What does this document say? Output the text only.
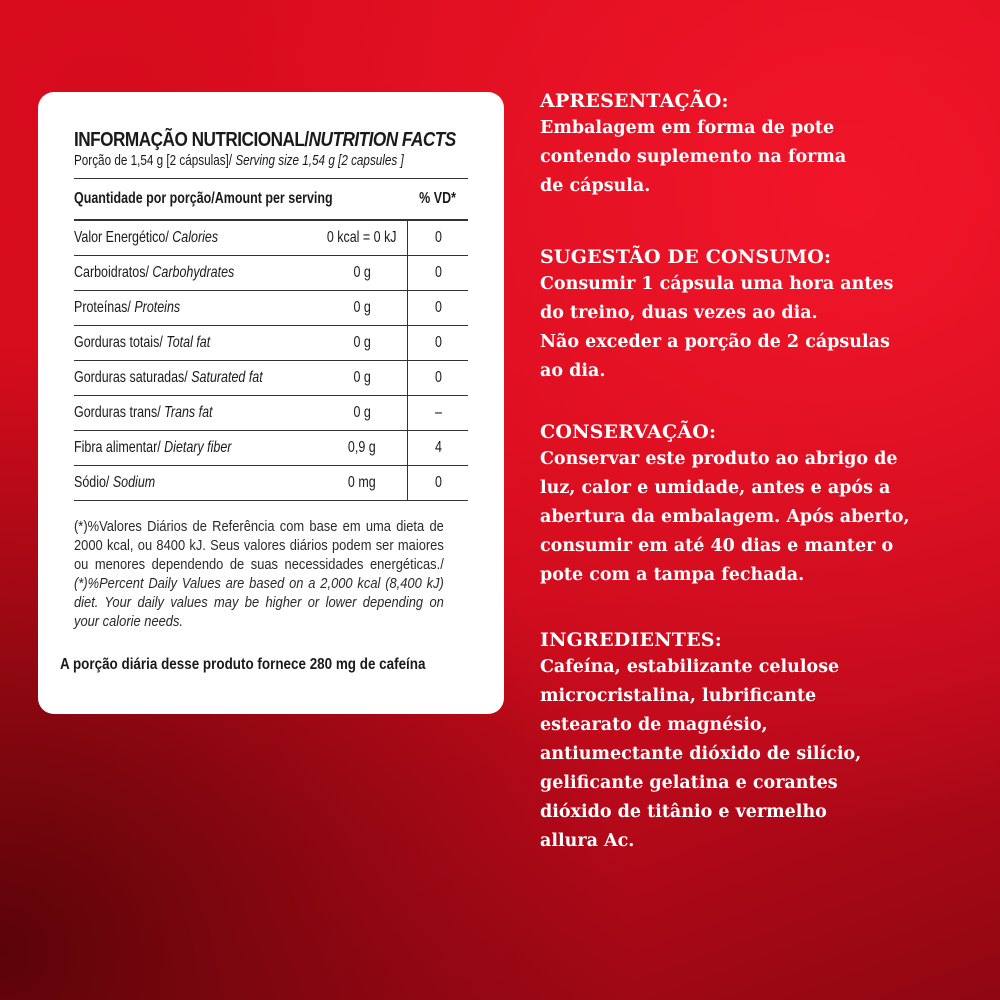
INFORMAÇÃO NUTRICIONAL/NUTRITION FACTS
Porção de 1,54 g [2 cápsulas]/ Serving size 1,54 g [2 capsules ]
Quantidade por porção/Amount per serving		% VD*
Valor Energético/ Calories	0 kcal = 0 kJ	0
Carboidratos/ Carbohydrates	0 g	0
Proteínas/ Proteins	0 g	0
Gorduras totais/ Total fat	0 g	0
Gorduras saturadas/ Saturated fat	0 g	0
Gorduras trans/ Trans fat	0 g	–
Fibra alimentar/ Dietary fiber	0,9 g	4
Sódio/ Sodium	0 mg	0
(*)%Valores Diários de Referência com base em uma dieta de 2000 kcal, ou 8400 kJ. Seus valores diários podem ser maiores ou menores dependendo de suas necessidades energéticas./ (*)%Percent Daily Values are based on a 2,000 kcal (8,400 kJ) diet. Your daily values may be higher or lower depending on your calorie needs.
A porção diária desse produto fornece 280 mg de cafeína
APRESENTAÇÃO:

Embalagem em forma de pote
contendo suplemento na forma
de cápsula.

SUGESTÃO DE CONSUMO:

Consumir 1 cápsula uma hora antes
do treino, duas vezes ao dia.
Não exceder a porção de 2 cápsulas
ao dia.

CONSERVAÇÃO:

Conservar este produto ao abrigo de
luz, calor e umidade, antes e após a
abertura da embalagem. Após aberto,
consumir em até 40 dias e manter o
pote com a tampa fechada.

INGREDIENTES:

Cafeína, estabilizante celulose
microcristalina, lubrificante
estearato de magnésio,
antiumectante dióxido de silício,
gelificante gelatina e corantes
dióxido de titânio e vermelho
allura Ac.
